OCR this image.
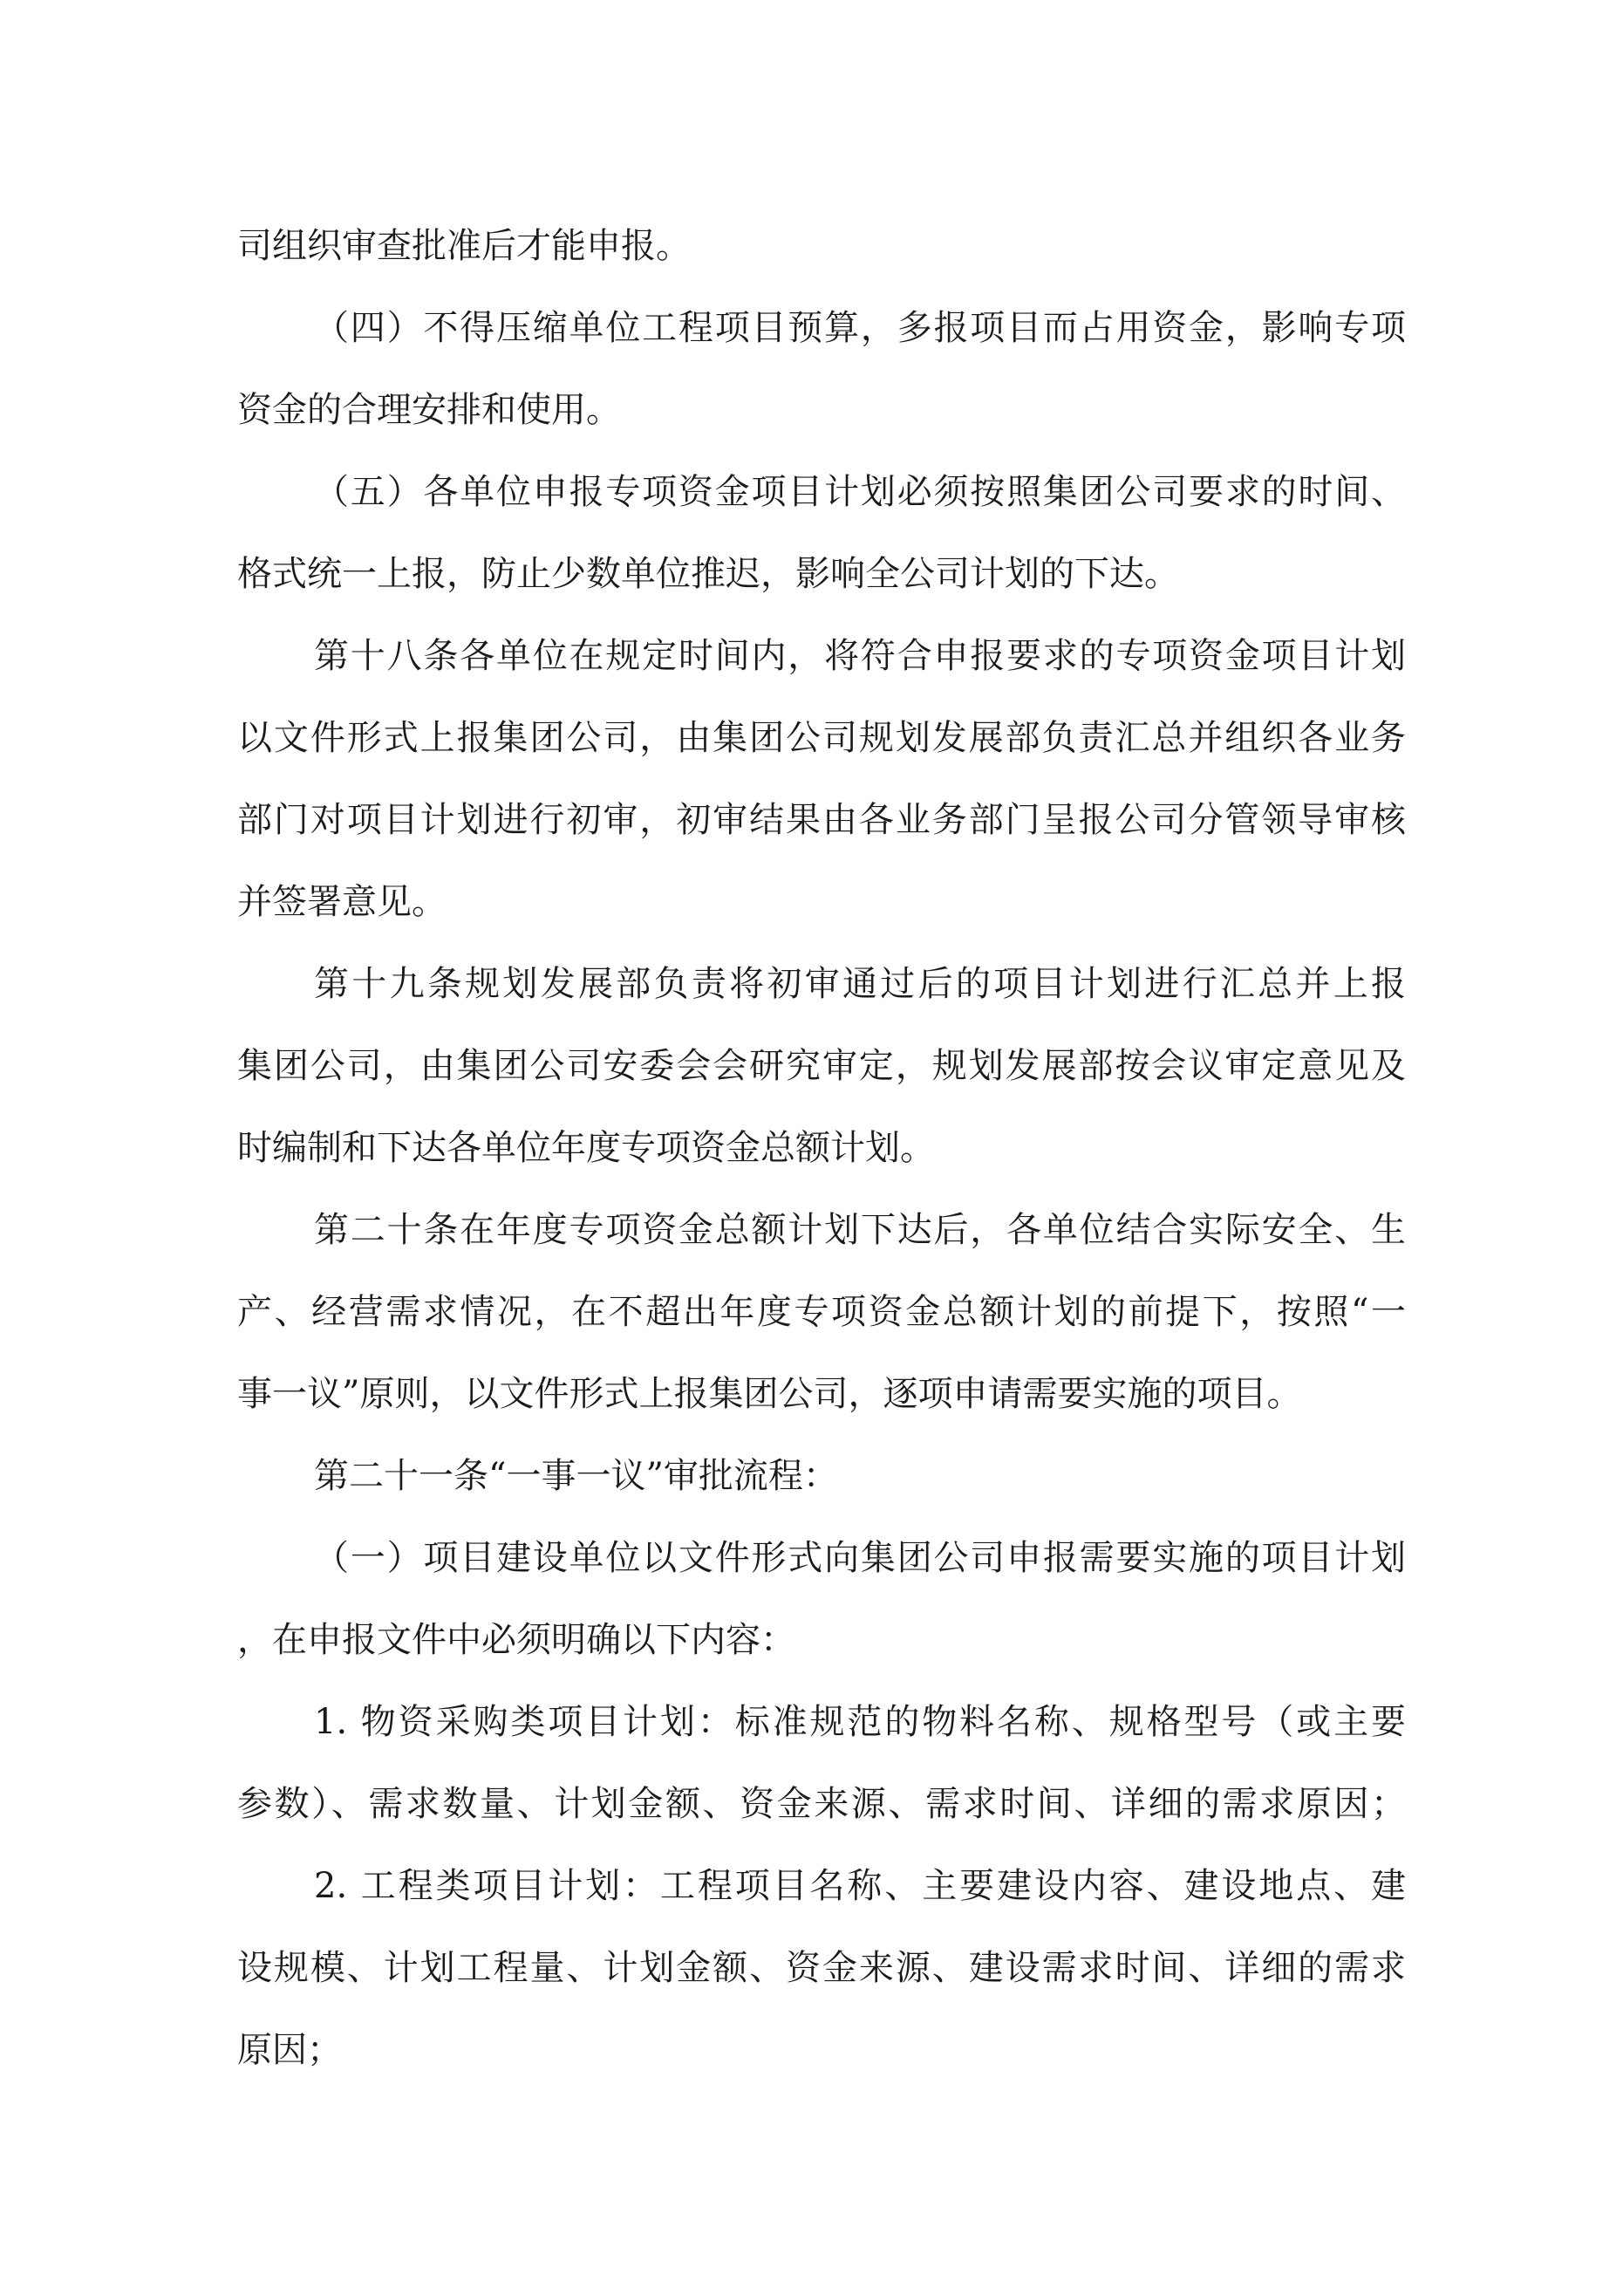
司组织审查批准后才能申报。
（四）不得压缩单位工程项目预算，多报项目而占用资金，影响专项
资金的合理安排和使用。
（五）各单位申报专项资金项目计划必须按照集团公司要求的时间、
格式统一上报，防止少数单位推迟，影响全公司计划的下达。
第十八条各单位在规定时间内，将符合申报要求的专项资金项目计划
以文件形式上报集团公司，由集团公司规划发展部负责汇总并组织各业务
部门对项目计划进行初审，初审结果由各业务部门呈报公司分管领导审核
并签署意见。
第十九条规划发展部负责将初审通过后的项目计划进行汇总并上报
集团公司，由集团公司安委会会研究审定，规划发展部按会议审定意见及
时编制和下达各单位年度专项资金总额计划。
第二十条在年度专项资金总额计划下达后，各单位结合实际安全、生
产、经营需求情况，在不超出年度专项资金总额计划的前提下，按照“一
事一议”原则，以文件形式上报集团公司，逐项申请需要实施的项目。
第二十一条“一事一议”审批流程：
（一）项目建设单位以文件形式向集团公司申报需要实施的项目计划
，在申报文件中必须明确以下内容：
1. 物资采购类项目计划：标准规范的物料名称、规格型号（或主要
参数）、需求数量、计划金额、资金来源、需求时间、详细的需求原因；
2. 工程类项目计划：工程项目名称、主要建设内容、建设地点、建
设规模、计划工程量、计划金额、资金来源、建设需求时间、详细的需求
原因；
